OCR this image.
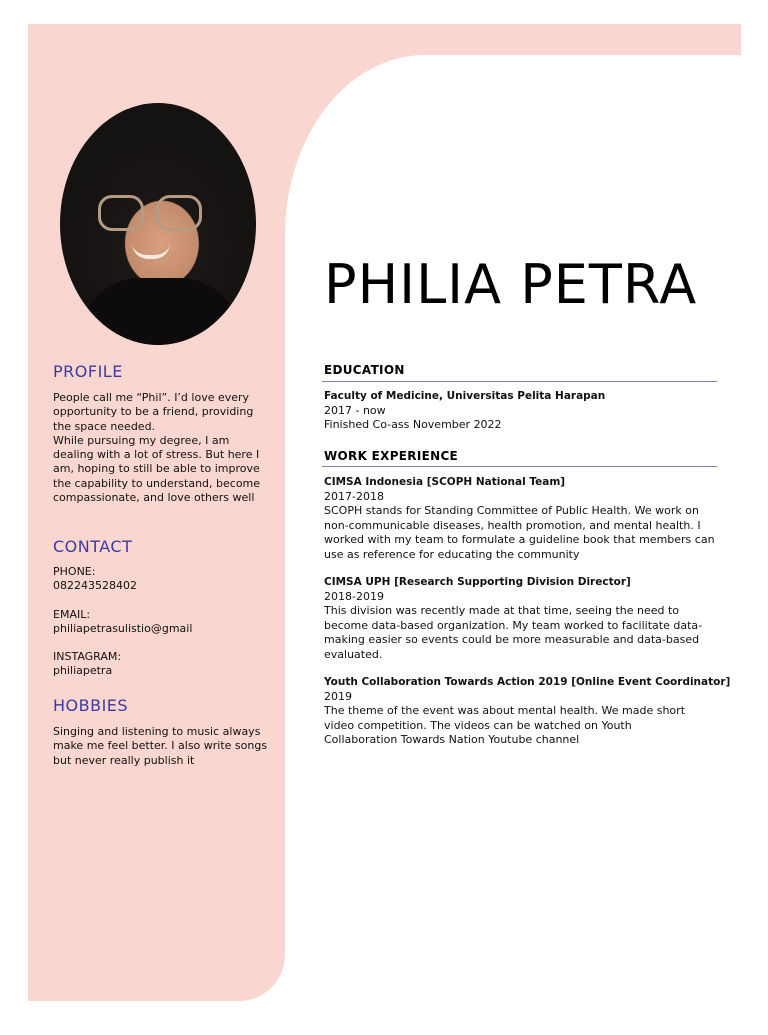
PROFILE
People call me “Phil”. I’d love every
opportunity to be a friend, providing
the space needed.
While pursuing my degree, I am
dealing with a lot of stress. But here I
am, hoping to still be able to improve
the capability to understand, become
compassionate, and love others well
CONTACT
PHONE:
082243528402
EMAIL:
philiapetrasulistio@gmail
INSTAGRAM:
philiapetra
HOBBIES
Singing and listening to music always
make me feel better. I also write songs
but never really publish it
PHILIA PETRA
EDUCATION
Faculty of Medicine, Universitas Pelita Harapan
2017 - now
Finished Co-ass November 2022
WORK EXPERIENCE
CIMSA Indonesia [SCOPH National Team]
2017-2018
SCOPH stands for Standing Committee of Public Health. We work on
non-communicable diseases, health promotion, and mental health. I
worked with my team to formulate a guideline book that members can
use as reference for educating the community
CIMSA UPH [Research Supporting Division Director]
2018-2019
This division was recently made at that time, seeing the need to
become data-based organization. My team worked to facilitate data-
making easier so events could be more measurable and data-based
evaluated.
Youth Collaboration Towards Action 2019 [Online Event Coordinator]
2019
The theme of the event was about mental health. We made short
video competition. The videos can be watched on Youth
Collaboration Towards Nation Youtube channel
